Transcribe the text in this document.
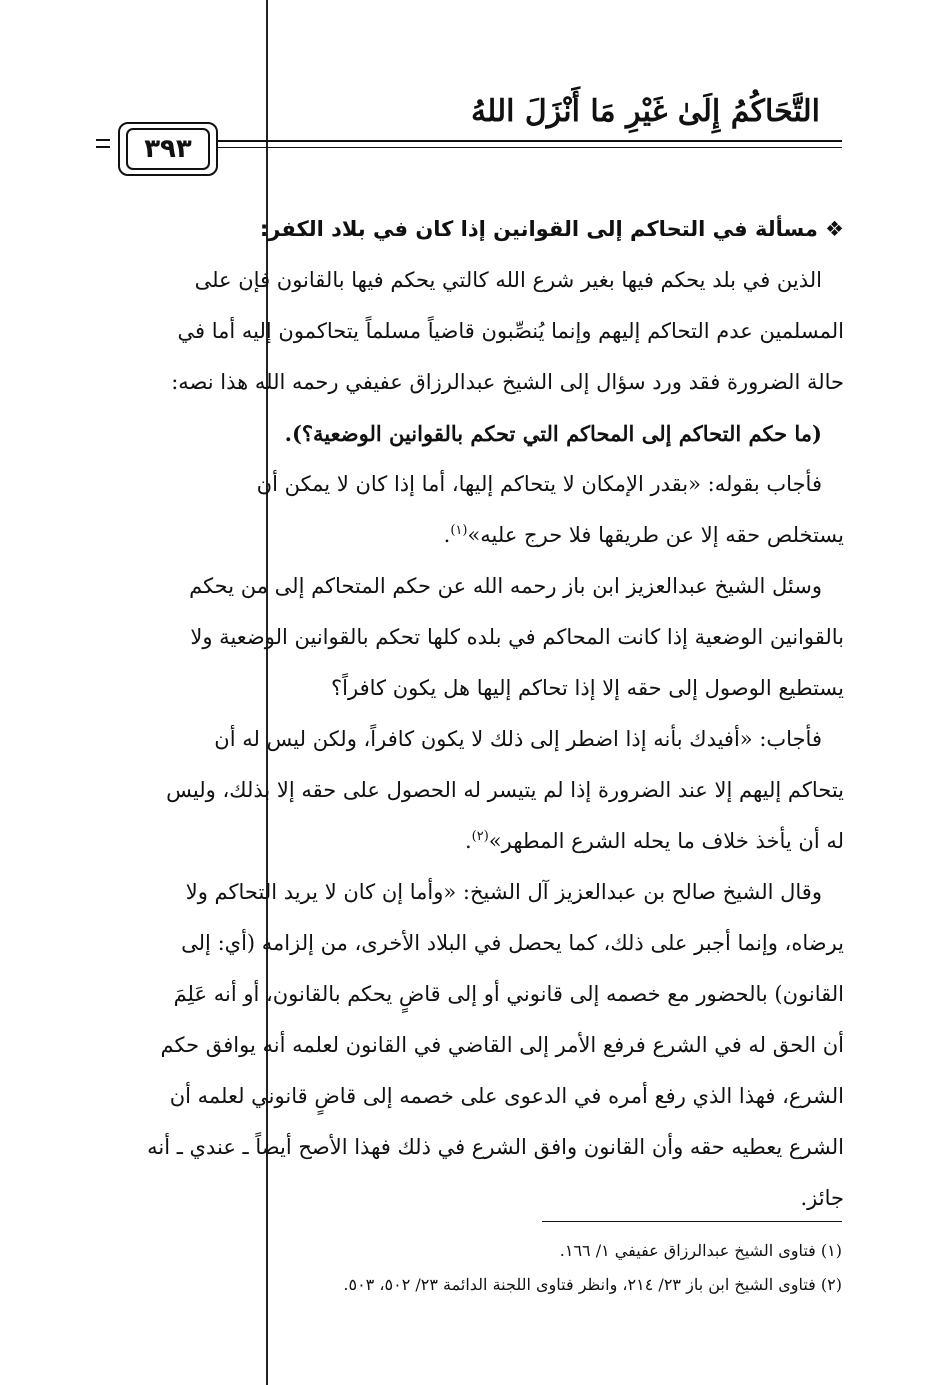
التَّحَاكُمُ إِلَىٰ غَيْرِ مَا أَنْزَلَ اللهُ
٣٩٣
❖ مسألة في التحاكم إلى القوانين إذا كان في بلاد الكفر:
الذين في بلد يحكم فيها بغير شرع الله كالتي يحكم فيها بالقانون فإن على
المسلمين عدم التحاكم إليهم وإنما يُنصِّبون قاضياً مسلماً يتحاكمون إليه أما في
حالة الضرورة فقد ورد سؤال إلى الشيخ عبدالرزاق عفيفي رحمه الله هذا نصه:
(ما حكم التحاكم إلى المحاكم التي تحكم بالقوانين الوضعية؟).
فأجاب بقوله: «بقدر الإمكان لا يتحاكم إليها، أما إذا كان لا يمكن أن
يستخلص حقه إلا عن طريقها فلا حرج عليه»$^{(١)}$.
وسئل الشيخ عبدالعزيز ابن باز رحمه الله عن حكم المتحاكم إلى من يحكم
بالقوانين الوضعية إذا كانت المحاكم في بلده كلها تحكم بالقوانين الوضعية ولا
يستطيع الوصول إلى حقه إلا إذا تحاكم إليها هل يكون كافراً؟
فأجاب: «أفيدك بأنه إذا اضطر إلى ذلك لا يكون كافراً، ولكن ليس له أن
يتحاكم إليهم إلا عند الضرورة إذا لم يتيسر له الحصول على حقه إلا بذلك، وليس
له أن يأخذ خلاف ما يحله الشرع المطهر»$^{(٢)}$.
وقال الشيخ صالح بن عبدالعزيز آل الشيخ: «وأما إن كان لا يريد التحاكم ولا
يرضاه، وإنما أجبر على ذلك، كما يحصل في البلاد الأخرى، من إلزامه (أي: إلى
القانون) بالحضور مع خصمه إلى قانوني أو إلى قاضٍ يحكم بالقانون، أو أنه عَلِمَ
أن الحق له في الشرع فرفع الأمر إلى القاضي في القانون لعلمه أنه يوافق حكم
الشرع، فهذا الذي رفع أمره في الدعوى على خصمه إلى قاضٍ قانوني لعلمه أن
الشرع يعطيه حقه وأن القانون وافق الشرع في ذلك فهذا الأصح أيضاً ـ عندي ـ أنه
جائز.
(١) فتاوى الشيخ عبدالرزاق عفيفي ١/ ١٦٦.
(٢) فتاوى الشيخ ابن باز ٢٣/ ٢١٤، وانظر فتاوى اللجنة الدائمة ٢٣/ ٥٠٢، ٥٠٣.
